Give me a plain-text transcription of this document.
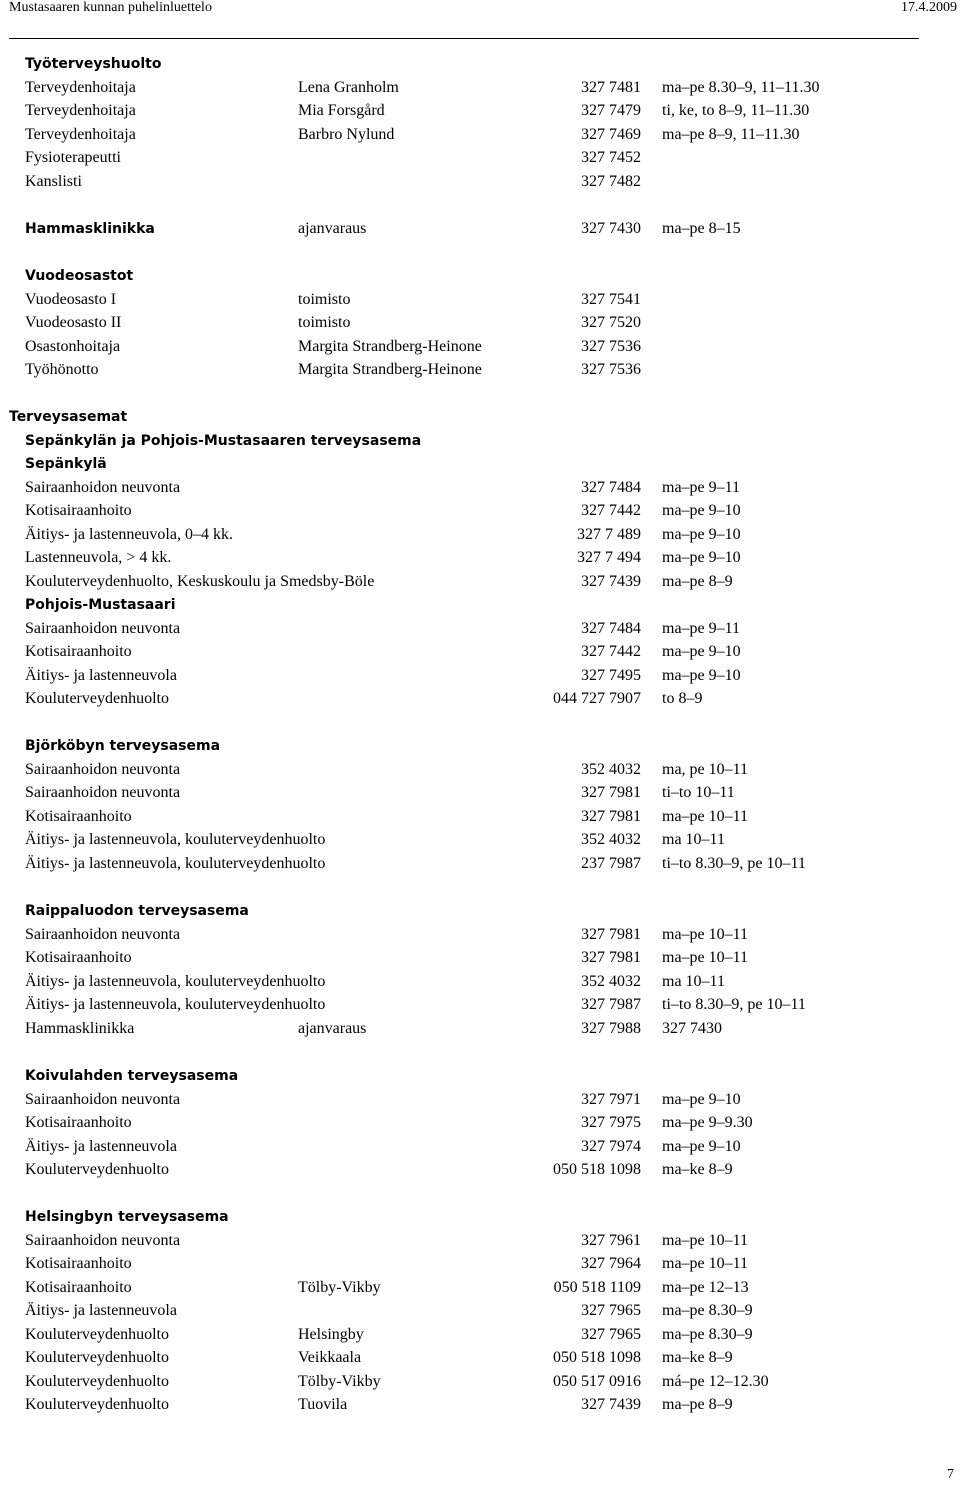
Mustasaaren kunnan puhelinluettelo	17.4.2009
Työterveyshuolto
Terveydenhoitaja	Lena Granholm	327 7481 ma–pe 8.30–9, 11–11.30
Terveydenhoitaja	Mia Forsgård	327 7479 ti, ke, to 8–9, 11–11.30
Terveydenhoitaja	Barbro Nylund	327 7469 ma–pe 8–9, 11–11.30
Fysioterapeutti	327 7452
Kanslisti	327 7482
Hammasklinikka	ajanvaraus	327 7430 ma–pe 8–15
Vuodeosastot
Vuodeosasto I	toimisto	327 7541
Vuodeosasto II	toimisto	327 7520
Osastonhoitaja	Margita Strandberg-Heinone	327 7536
Työhönotto	Margita Strandberg-Heinone	327 7536
Terveysasemat
Sepänkylän ja Pohjois-Mustasaaren terveysasema
Sepänkylä
Sairaanhoidon neuvonta	327 7484 ma–pe 9–11
Kotisairaanhoito	327 7442 ma–pe 9–10
Äitiys- ja lastenneuvola, 0–4 kk.	327 7 489 ma–pe 9–10
Lastenneuvola, > 4 kk.	327 7 494 ma–pe 9–10
Kouluterveydenhuolto, Keskuskoulu ja Smedsby-Böle	327 7439 ma–pe 8–9
Pohjois-Mustasaari
Sairaanhoidon neuvonta	327 7484 ma–pe 9–11
Kotisairaanhoito	327 7442 ma–pe 9–10
Äitiys- ja lastenneuvola	327 7495 ma–pe 9–10
Kouluterveydenhuolto	044 727 7907 to 8–9
Björköbyn terveysasema
Sairaanhoidon neuvonta	352 4032 ma, pe 10–11
Sairaanhoidon neuvonta	327 7981 ti–to 10–11
Kotisairaanhoito	327 7981 ma–pe 10–11
Äitiys- ja lastenneuvola, kouluterveydenhuolto	352 4032 ma 10–11
Äitiys- ja lastenneuvola, kouluterveydenhuolto	237 7987 ti–to 8.30–9, pe 10–11
Raippaluodon terveysasema
Sairaanhoidon neuvonta	327 7981 ma–pe 10–11
Kotisairaanhoito	327 7981 ma–pe 10–11
Äitiys- ja lastenneuvola, kouluterveydenhuolto	352 4032 ma 10–11
Äitiys- ja lastenneuvola, kouluterveydenhuolto	327 7987 ti–to 8.30–9, pe 10–11
Hammasklinikka	ajanvaraus	327 7988 327 7430
Koivulahden terveysasema
Sairaanhoidon neuvonta	327 7971 ma–pe 9–10
Kotisairaanhoito	327 7975 ma–pe 9–9.30
Äitiys- ja lastenneuvola	327 7974 ma–pe 9–10
Kouluterveydenhuolto	050 518 1098 ma–ke 8–9
Helsingbyn terveysasema
Sairaanhoidon neuvonta	327 7961 ma–pe 10–11
Kotisairaanhoito	327 7964 ma–pe 10–11
Kotisairaanhoito	Tölby-Vikby	050 518 1109 ma–pe 12–13
Äitiys- ja lastenneuvola	327 7965 ma–pe 8.30–9
Kouluterveydenhuolto	Helsingby	327 7965 ma–pe 8.30–9
Kouluterveydenhuolto	Veikkaala	050 518 1098 ma–ke 8–9
Kouluterveydenhuolto	Tölby-Vikby	050 517 0916 má–pe 12–12.30
Kouluterveydenhuolto	Tuovila	327 7439 ma–pe 8–9
7
